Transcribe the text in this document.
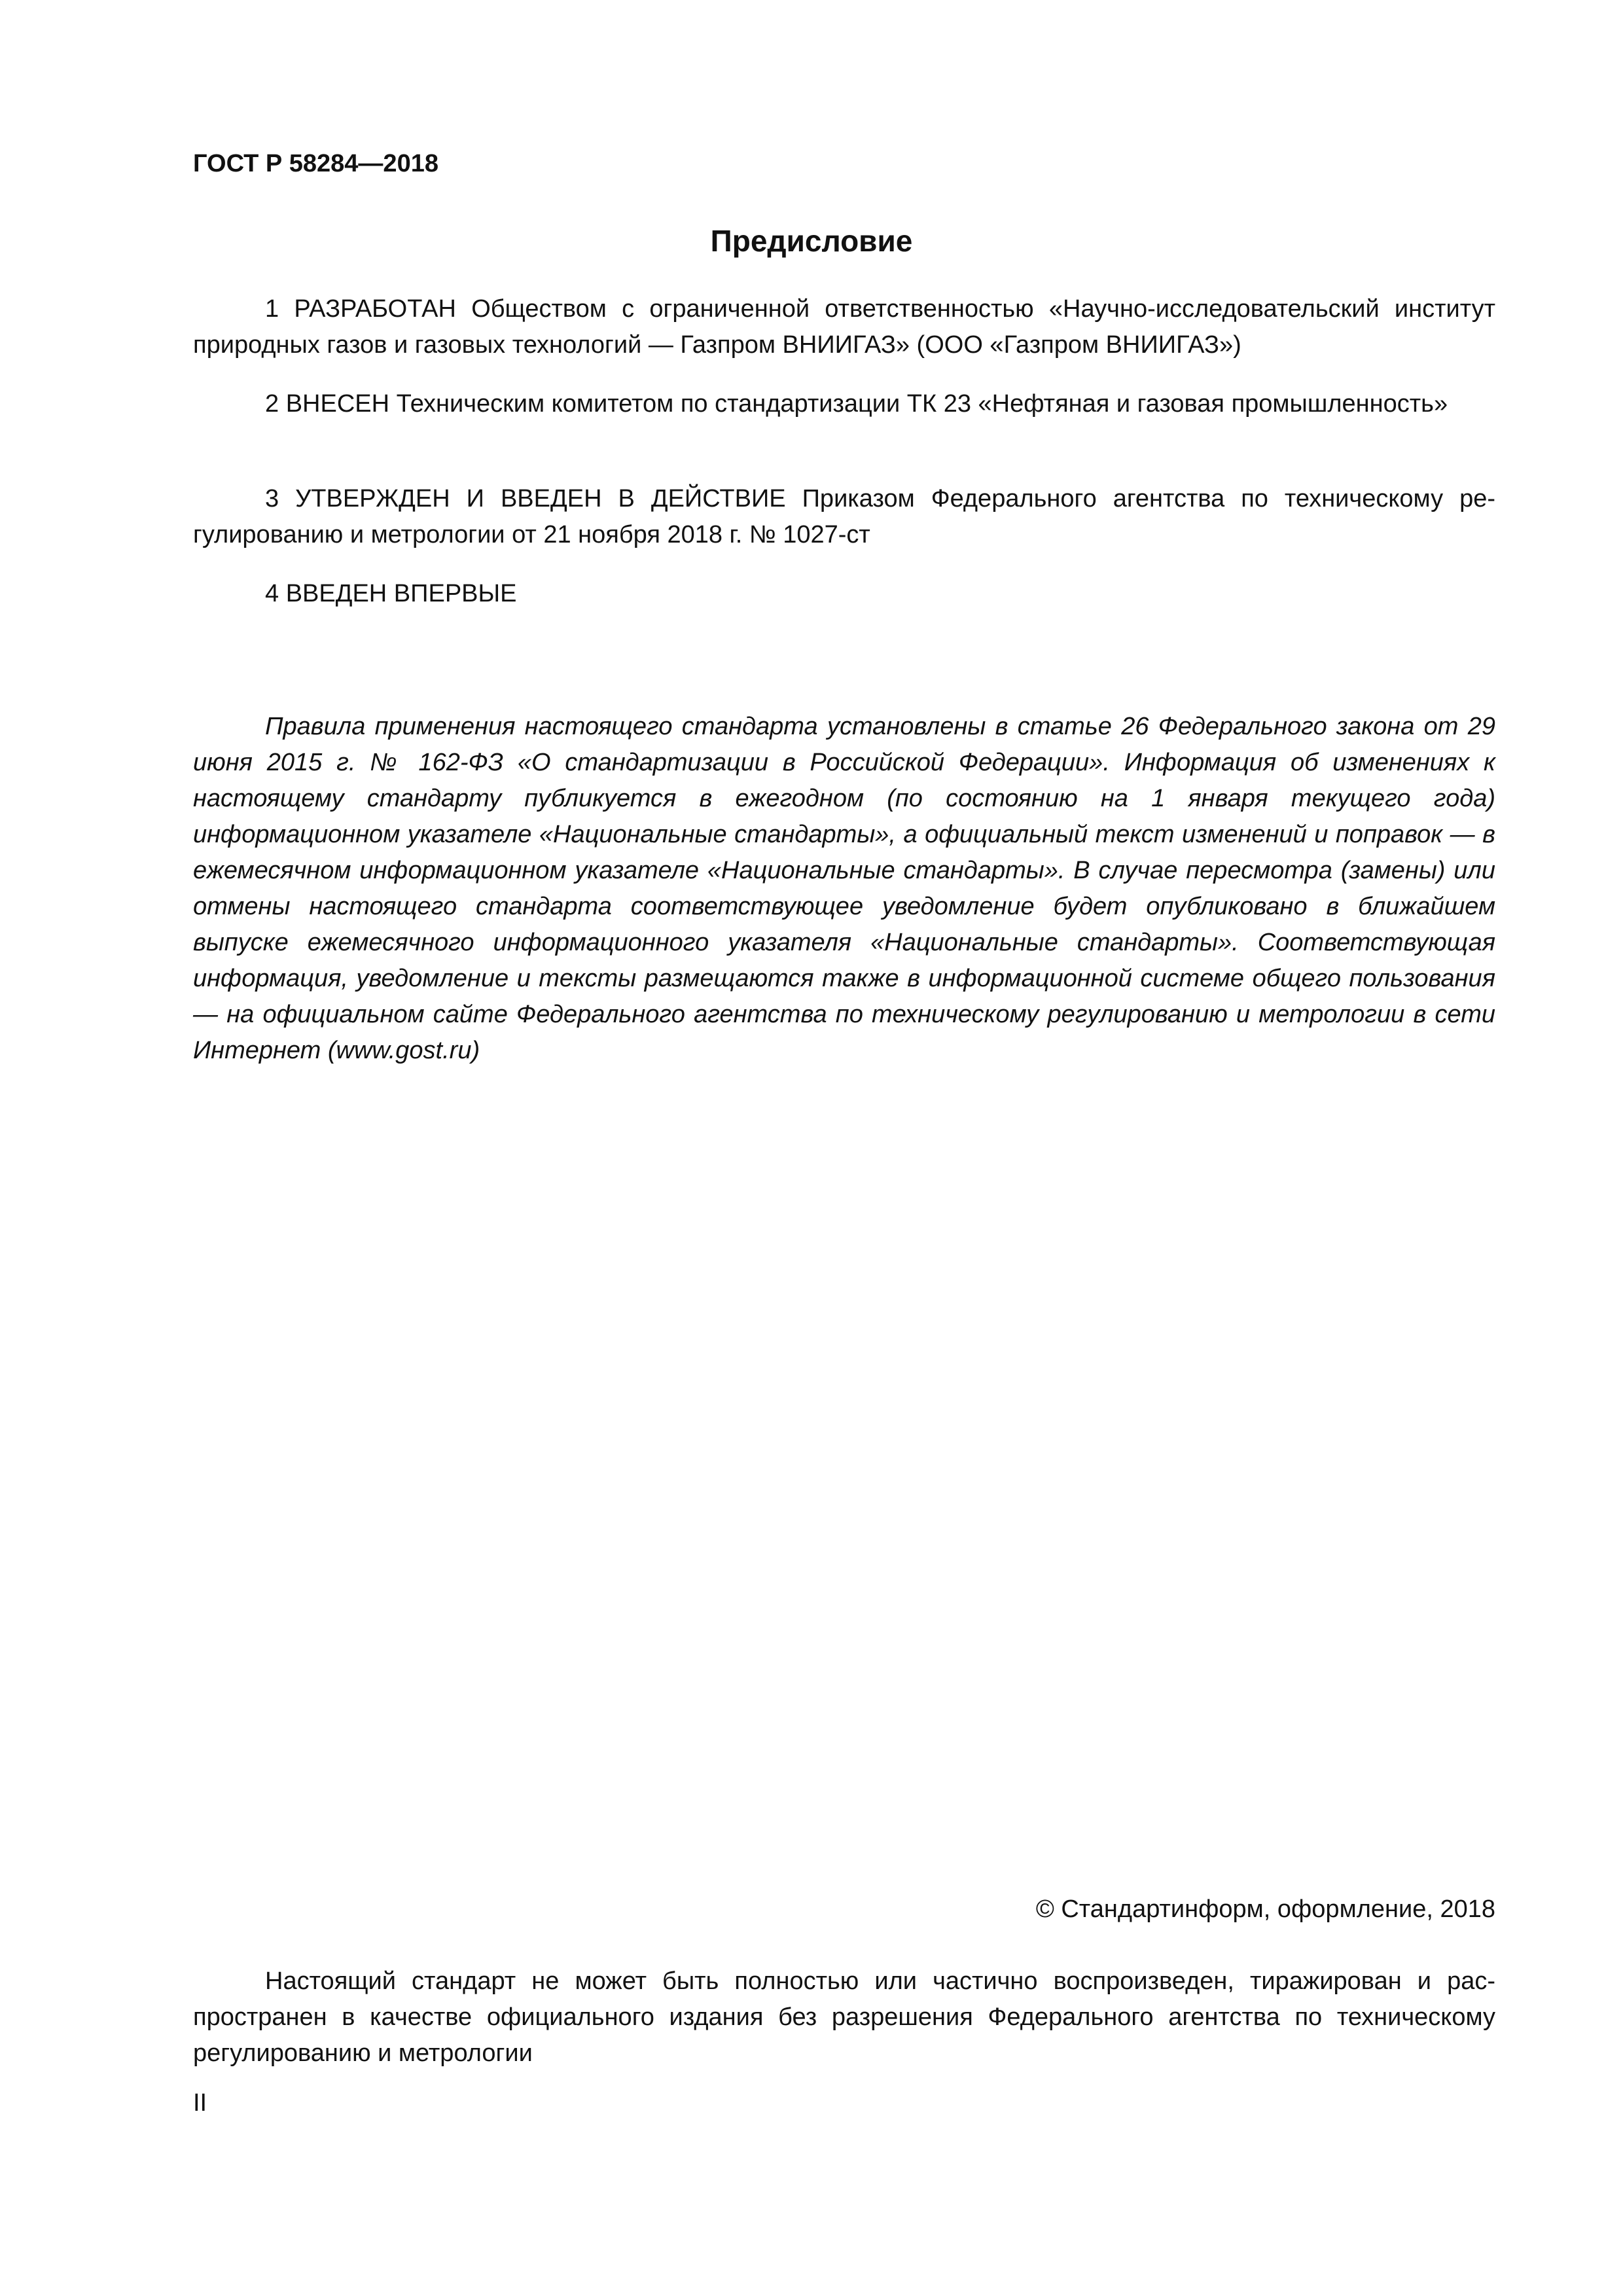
ГОСТ Р 58284—2018

Предисловие

1 РАЗРАБОТАН Обществом с ограниченной ответственностью «Научно-исследовательский институт природных газов и газовых технологий — Газпром ВНИИГАЗ» (ООО «Газпром ВНИИГАЗ»)

2 ВНЕСЕН Техническим комитетом по стандартизации ТК 23 «Нефтяная и газовая промышленность»

3 УТВЕРЖДЕН И ВВЕДЕН В ДЕЙСТВИЕ Приказом Федерального агентства по техническому регулированию и метрологии от 21 ноября 2018 г. № 1027-ст

4 ВВЕДЕН ВПЕРВЫЕ

Правила применения настоящего стандарта установлены в статье 26 Федерального закона от 29 июня 2015 г. № 162-ФЗ «О стандартизации в Российской Федерации». Информация об изменениях к настоящему стандарту публикуется в ежегодном (по состоянию на 1 января текущего года) информационном указателе «Национальные стандарты», а официальный текст изменений и поправок — в ежемесячном информационном указателе «Национальные стандарты». В случае пересмотра (замены) или отмены настоящего стандарта соответствующее уведомление будет опубликовано в ближайшем выпуске ежемесячного информационного указателя «Национальные стандарты». Соответствующая информация, уведомление и тексты размещаются также в информационной системе общего пользования — на официальном сайте Федерального агентства по техническому регулированию и метрологии в сети Интернет (www.gost.ru)

© Стандартинформ, оформление, 2018

Настоящий стандарт не может быть полностью или частично воспроизведен, тиражирован и распространен в качестве официального издания без разрешения Федерального агентства по техническому регулированию и метрологии

II
